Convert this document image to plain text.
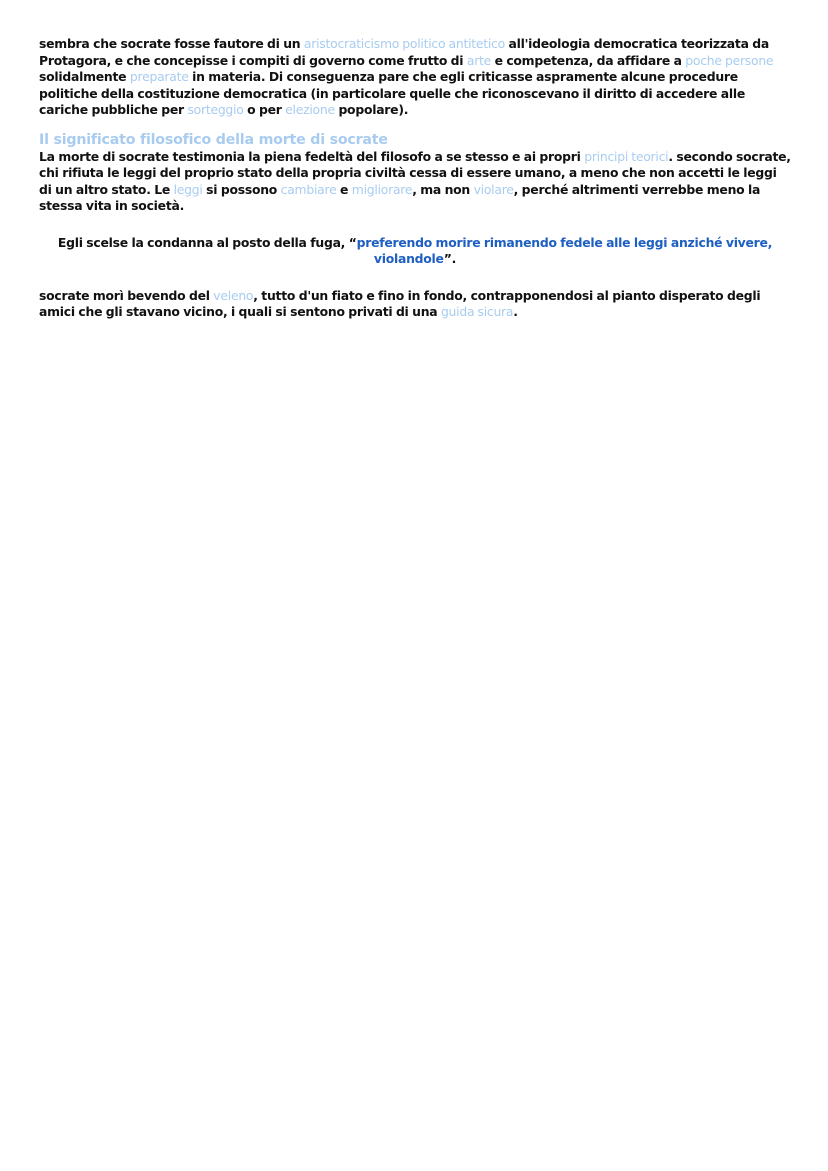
sembra che socrate fosse fautore di un aristocraticismo politico antitetico all'ideologia democratica teorizzata da Protagora, e che concepisse i compiti di governo come frutto di arte e competenza, da affidare a poche persone solidalmente preparate in materia. Di conseguenza pare che egli criticasse aspramente alcune procedure politiche della costituzione democratica (in particolare quelle che riconoscevano il diritto di accedere alle cariche pubbliche per sorteggio o per elezione popolare).

Il significato filosofico della morte di socrate

La morte di socrate testimonia la piena fedeltà del filosofo a se stesso e ai propri principi teorici. secondo socrate, chi rifiuta le leggi del proprio stato della propria civiltà cessa di essere umano, a meno che non accetti le leggi di un altro stato. Le leggi si possono cambiare e migliorare, ma non violare, perché altrimenti verrebbe meno la stessa vita in società.

Egli scelse la condanna al posto della fuga, “preferendo morire rimanendo fedele alle leggi anziché vivere, violandole”.

socrate morì bevendo del veleno, tutto d'un fiato e fino in fondo, contrapponendosi al pianto disperato degli amici che gli stavano vicino, i quali si sentono privati di una guida sicura.
